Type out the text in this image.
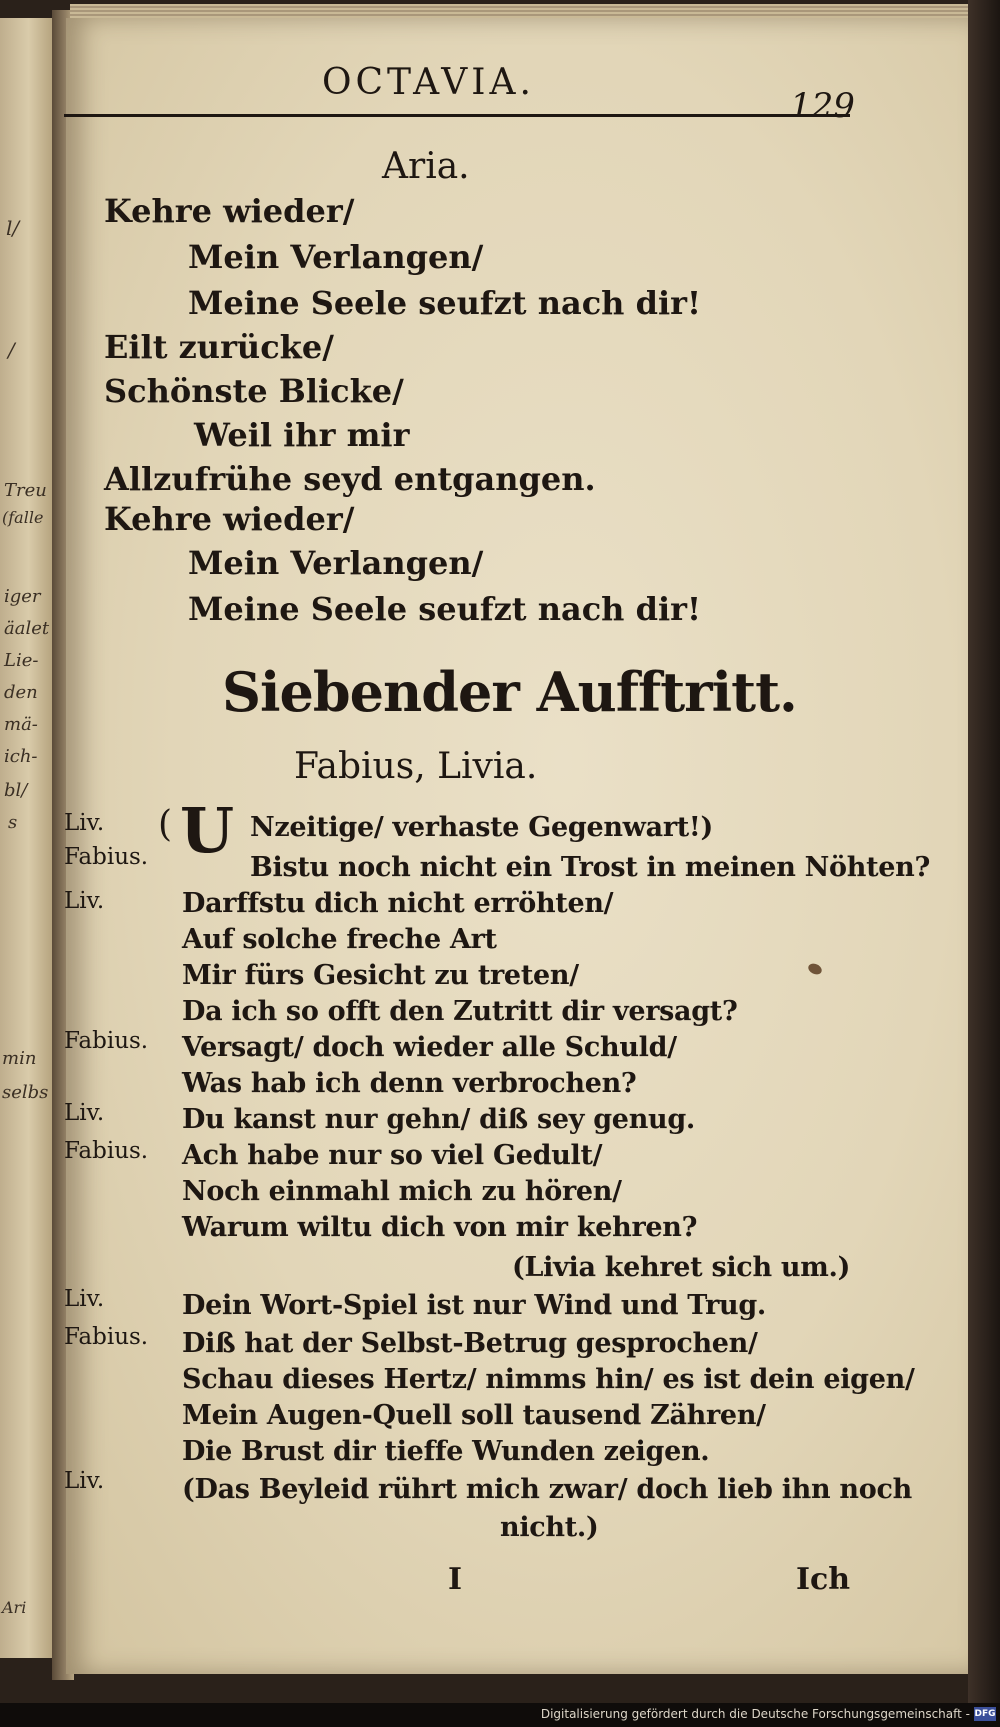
l/
/
Treu
(falle
iger
äalet
Lie-
den
mä-
ich-
bl/
s
min
selbs
Ari
OCTAVIA.
129
Aria.
Kehre wieder/
Mein Verlangen/
Meine Seele seufzt nach dir!
Eilt zurücke/
Schönste Blicke/
Weil ihr mir
Allzufrühe seyd entgangen.
Kehre wieder/
Mein Verlangen/
Meine Seele seufzt nach dir!
Siebender Aufftritt.
Fabius, Livia.
Liv.
Fabius.
Liv.
Fabius.
Liv.
Fabius.
Liv.
Fabius.
Liv.
( U Nzeitige/ verhaste Gegenwart!)
Bistu noch nicht ein Trost in meinen Nöhten?
Darffstu dich nicht erröhten/
Auf solche freche Art
Mir fürs Gesicht zu treten/
Da ich so offt den Zutritt dir versagt?
Versagt/ doch wieder alle Schuld/
Was hab ich denn verbrochen?
Du kanst nur gehn/ diß sey genug.
Ach habe nur so viel Gedult/
Noch einmahl mich zu hören/
Warum wiltu dich von mir kehren?
(Livia kehret sich um.)
Dein Wort-Spiel ist nur Wind und Trug.
Diß hat der Selbst-Betrug gesprochen/
Schau dieses Hertz/ nimms hin/ es ist dein eigen/
Mein Augen-Quell soll tausend Zähren/
Die Brust dir tieffe Wunden zeigen.
(Das Beyleid rührt mich zwar/ doch lieb ihn noch
nicht.)
I	Ich
Digitalisierung gefördert durch die Deutsche Forschungsgemeinschaft - DFG
